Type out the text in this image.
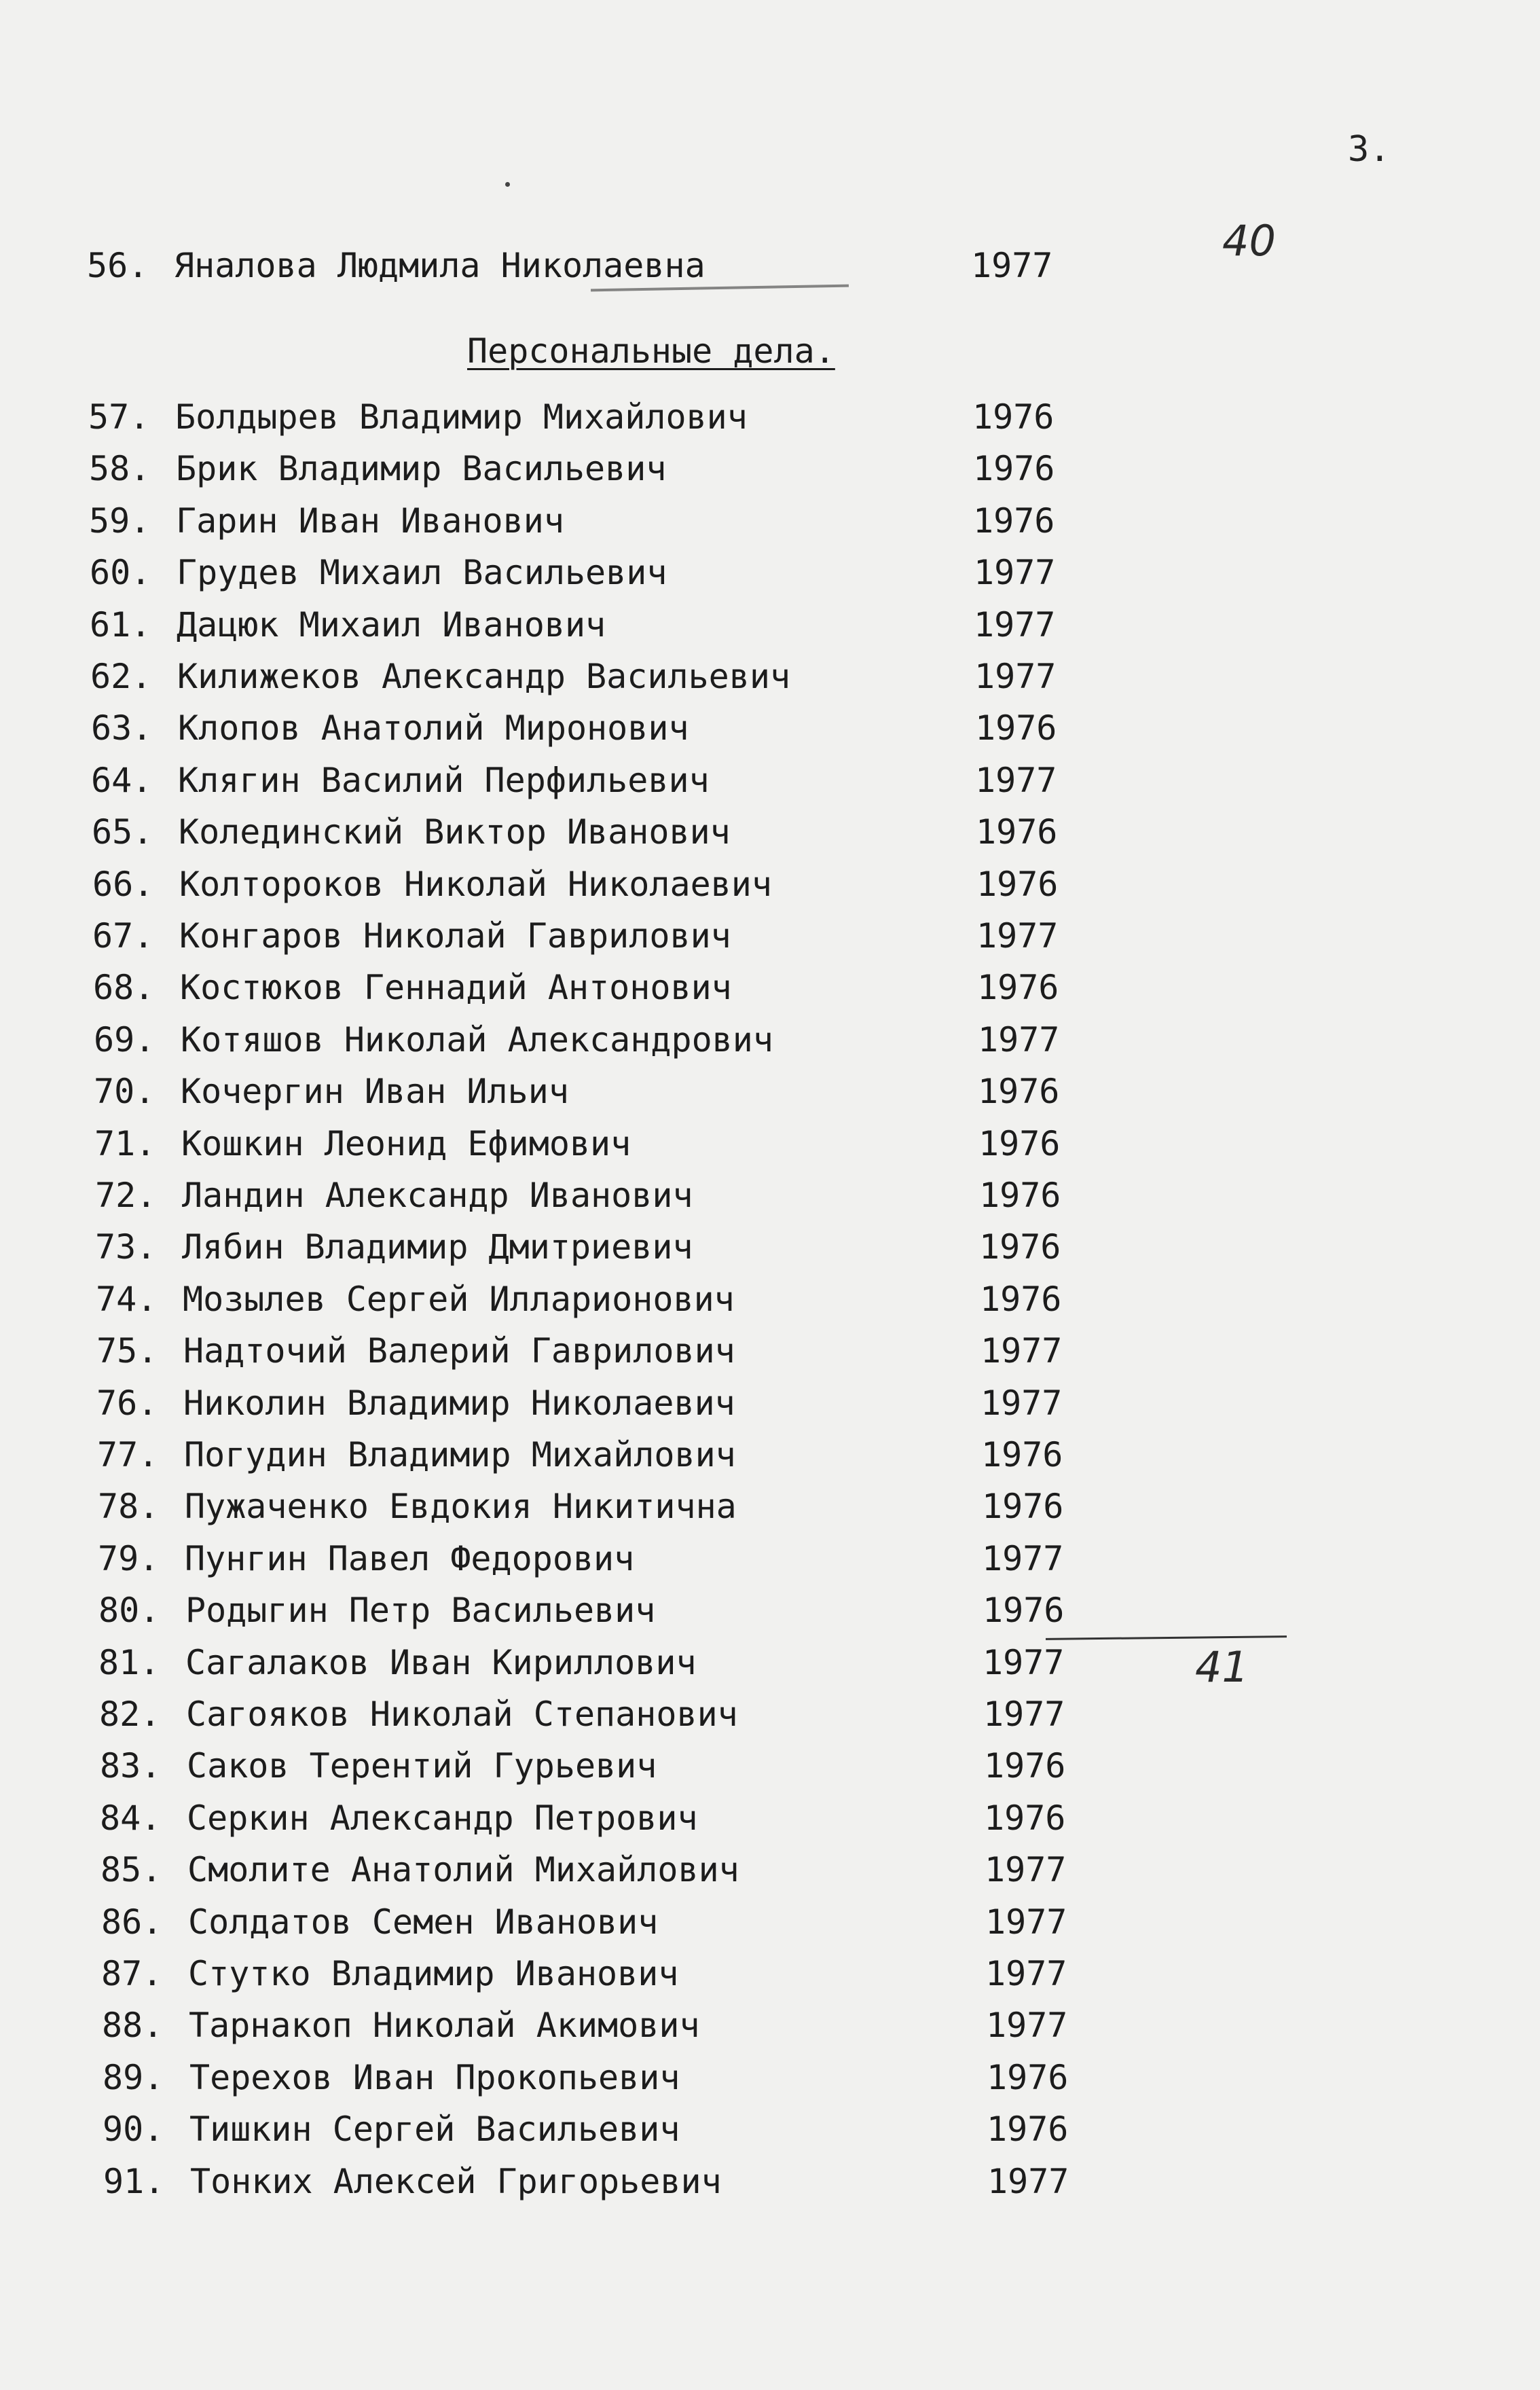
3.
40
41
Персональные дела.
56. Яналова Людмила Николаевна	1977
57. Болдырев Владимир Михайлович	1976
58. Брик Владимир Васильевич	1976
59. Гарин Иван Иванович	1976
60. Грудев Михаил Васильевич	1977
61. Дацюк Михаил Иванович	1977
62. Килижеков Александр Васильевич	1977
63. Клопов Анатолий Миронович	1976
64. Клягин Василий Перфильевич	1977
65. Колединский Виктор Иванович	1976
66. Колтороков Николай Николаевич	1976
67. Конгаров Николай Гаврилович	1977
68. Костюков Геннадий Антонович	1976
69. Котяшов Николай Александрович	1977
70. Кочергин Иван Ильич	1976
71. Кошкин Леонид Ефимович	1976
72. Ландин Александр Иванович	1976
73. Лябин Владимир Дмитриевич	1976
74. Мозылев Сергей Илларионович	1976
75. Надточий Валерий Гаврилович	1977
76. Николин Владимир Николаевич	1977
77. Погудин Владимир Михайлович	1976
78. Пужаченко Евдокия Никитична	1976
79. Пунгин Павел Федорович	1977
80. Родыгин Петр Васильевич	1976
81. Сагалаков Иван Кириллович	1977
82. Сагояков Николай Степанович	1977
83. Саков Терентий Гурьевич	1976
84. Серкин Александр Петрович	1976
85. Смолите Анатолий Михайлович	1977
86. Солдатов Семен Иванович	1977
87. Стутко Владимир Иванович	1977
88. Тарнакоп Николай Акимович	1977
89. Терехов Иван Прокопьевич	1976
90. Тишкин Сергей Васильевич	1976
91. Тонких Алексей Григорьевич	1977
